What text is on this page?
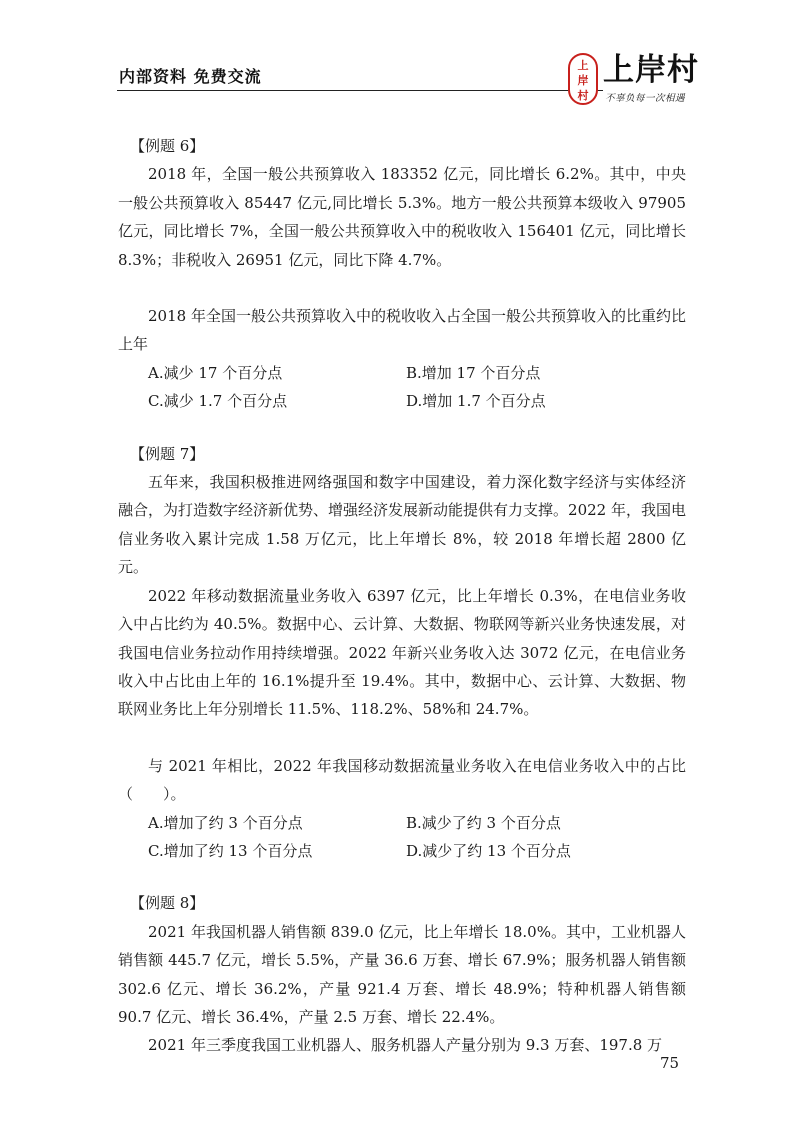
内部资料 免费交流
上
岸
村
上岸村
不辜负每一次相遇
【例题 6】

2018 年，全国一般公共预算收入 183352 亿元，同比增长 6.2%。其中，中央一般公共预算收入 85447 亿元,同比增长 5.3%。地方一般公共预算本级收入 97905 亿元，同比增长 7%，全国一般公共预算收入中的税收收入 156401 亿元，同比增长 8.3%；非税收入 26951 亿元，同比下降 4.7%。

2018 年全国一般公共预算收入中的税收收入占全国一般公共预算收入的比重约比上年

A.减少 17 个百分点	B.增加 17 个百分点
C.减少 1.7 个百分点	D.增加 1.7 个百分点
【例题 7】

五年来，我国积极推进网络强国和数字中国建设，着力深化数字经济与实体经济融合，为打造数字经济新优势、增强经济发展新动能提供有力支撑。2022 年，我国电信业务收入累计完成 1.58 万亿元，比上年增长 8%，较 2018 年增长超 2800 亿元。

2022 年移动数据流量业务收入 6397 亿元，比上年增长 0.3%，在电信业务收入中占比约为 40.5%。数据中心、云计算、大数据、物联网等新兴业务快速发展，对我国电信业务拉动作用持续增强。2022 年新兴业务收入达 3072 亿元，在电信业务收入中占比由上年的 16.1%提升至 19.4%。其中，数据中心、云计算、大数据、物联网业务比上年分别增长 11.5%、118.2%、58%和 24.7%。

与 2021 年相比，2022 年我国移动数据流量业务收入在电信业务收入中的占比（　　）。

A.增加了约 3 个百分点	B.减少了约 3 个百分点
C.增加了约 13 个百分点	D.减少了约 13 个百分点
【例题 8】

2021 年我国机器人销售额 839.0 亿元，比上年增长 18.0%。其中，工业机器人销售额 445.7 亿元，增长 5.5%，产量 36.6 万套、增长 67.9%；服务机器人销售额 302.6 亿元、增长 36.2%，产量 921.4 万套、增长 48.9%；特种机器人销售额 90.7 亿元、增长 36.4%，产量 2.5 万套、增长 22.4%。

2021 年三季度我国工业机器人、服务机器人产量分别为 9.3 万套、197.8 万

75
